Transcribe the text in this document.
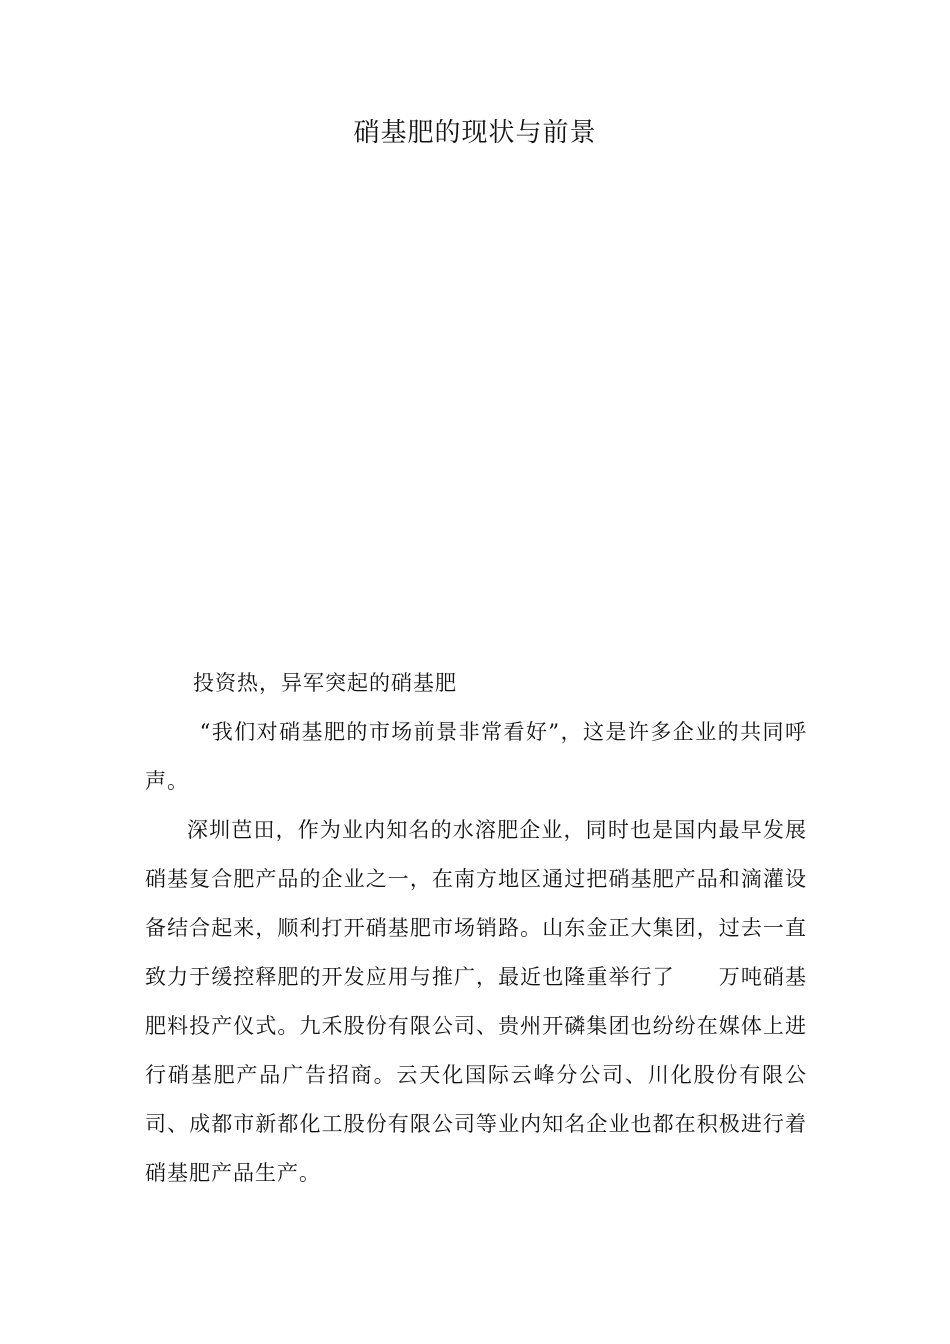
硝基肥的现状与前景
投资热，异军突起的硝基肥

“我们对硝基肥的市场前景非常看好”，这是许多企业的共同呼声。

深圳芭田，作为业内知名的水溶肥企业，同时也是国内最早发展硝基复合肥产品的企业之一，在南方地区通过把硝基肥产品和滴灌设备结合起来，顺利打开硝基肥市场销路。山东金正大集团，过去一直致力于缓控释肥的开发应用与推广，最近也隆重举行了　　万吨硝基肥料投产仪式。九禾股份有限公司、贵州开磷集团也纷纷在媒体上进行硝基肥产品广告招商。云天化国际云峰分公司、川化股份有限公司、成都市新都化工股份有限公司等业内知名企业也都在积极进行着硝基肥产品生产。
